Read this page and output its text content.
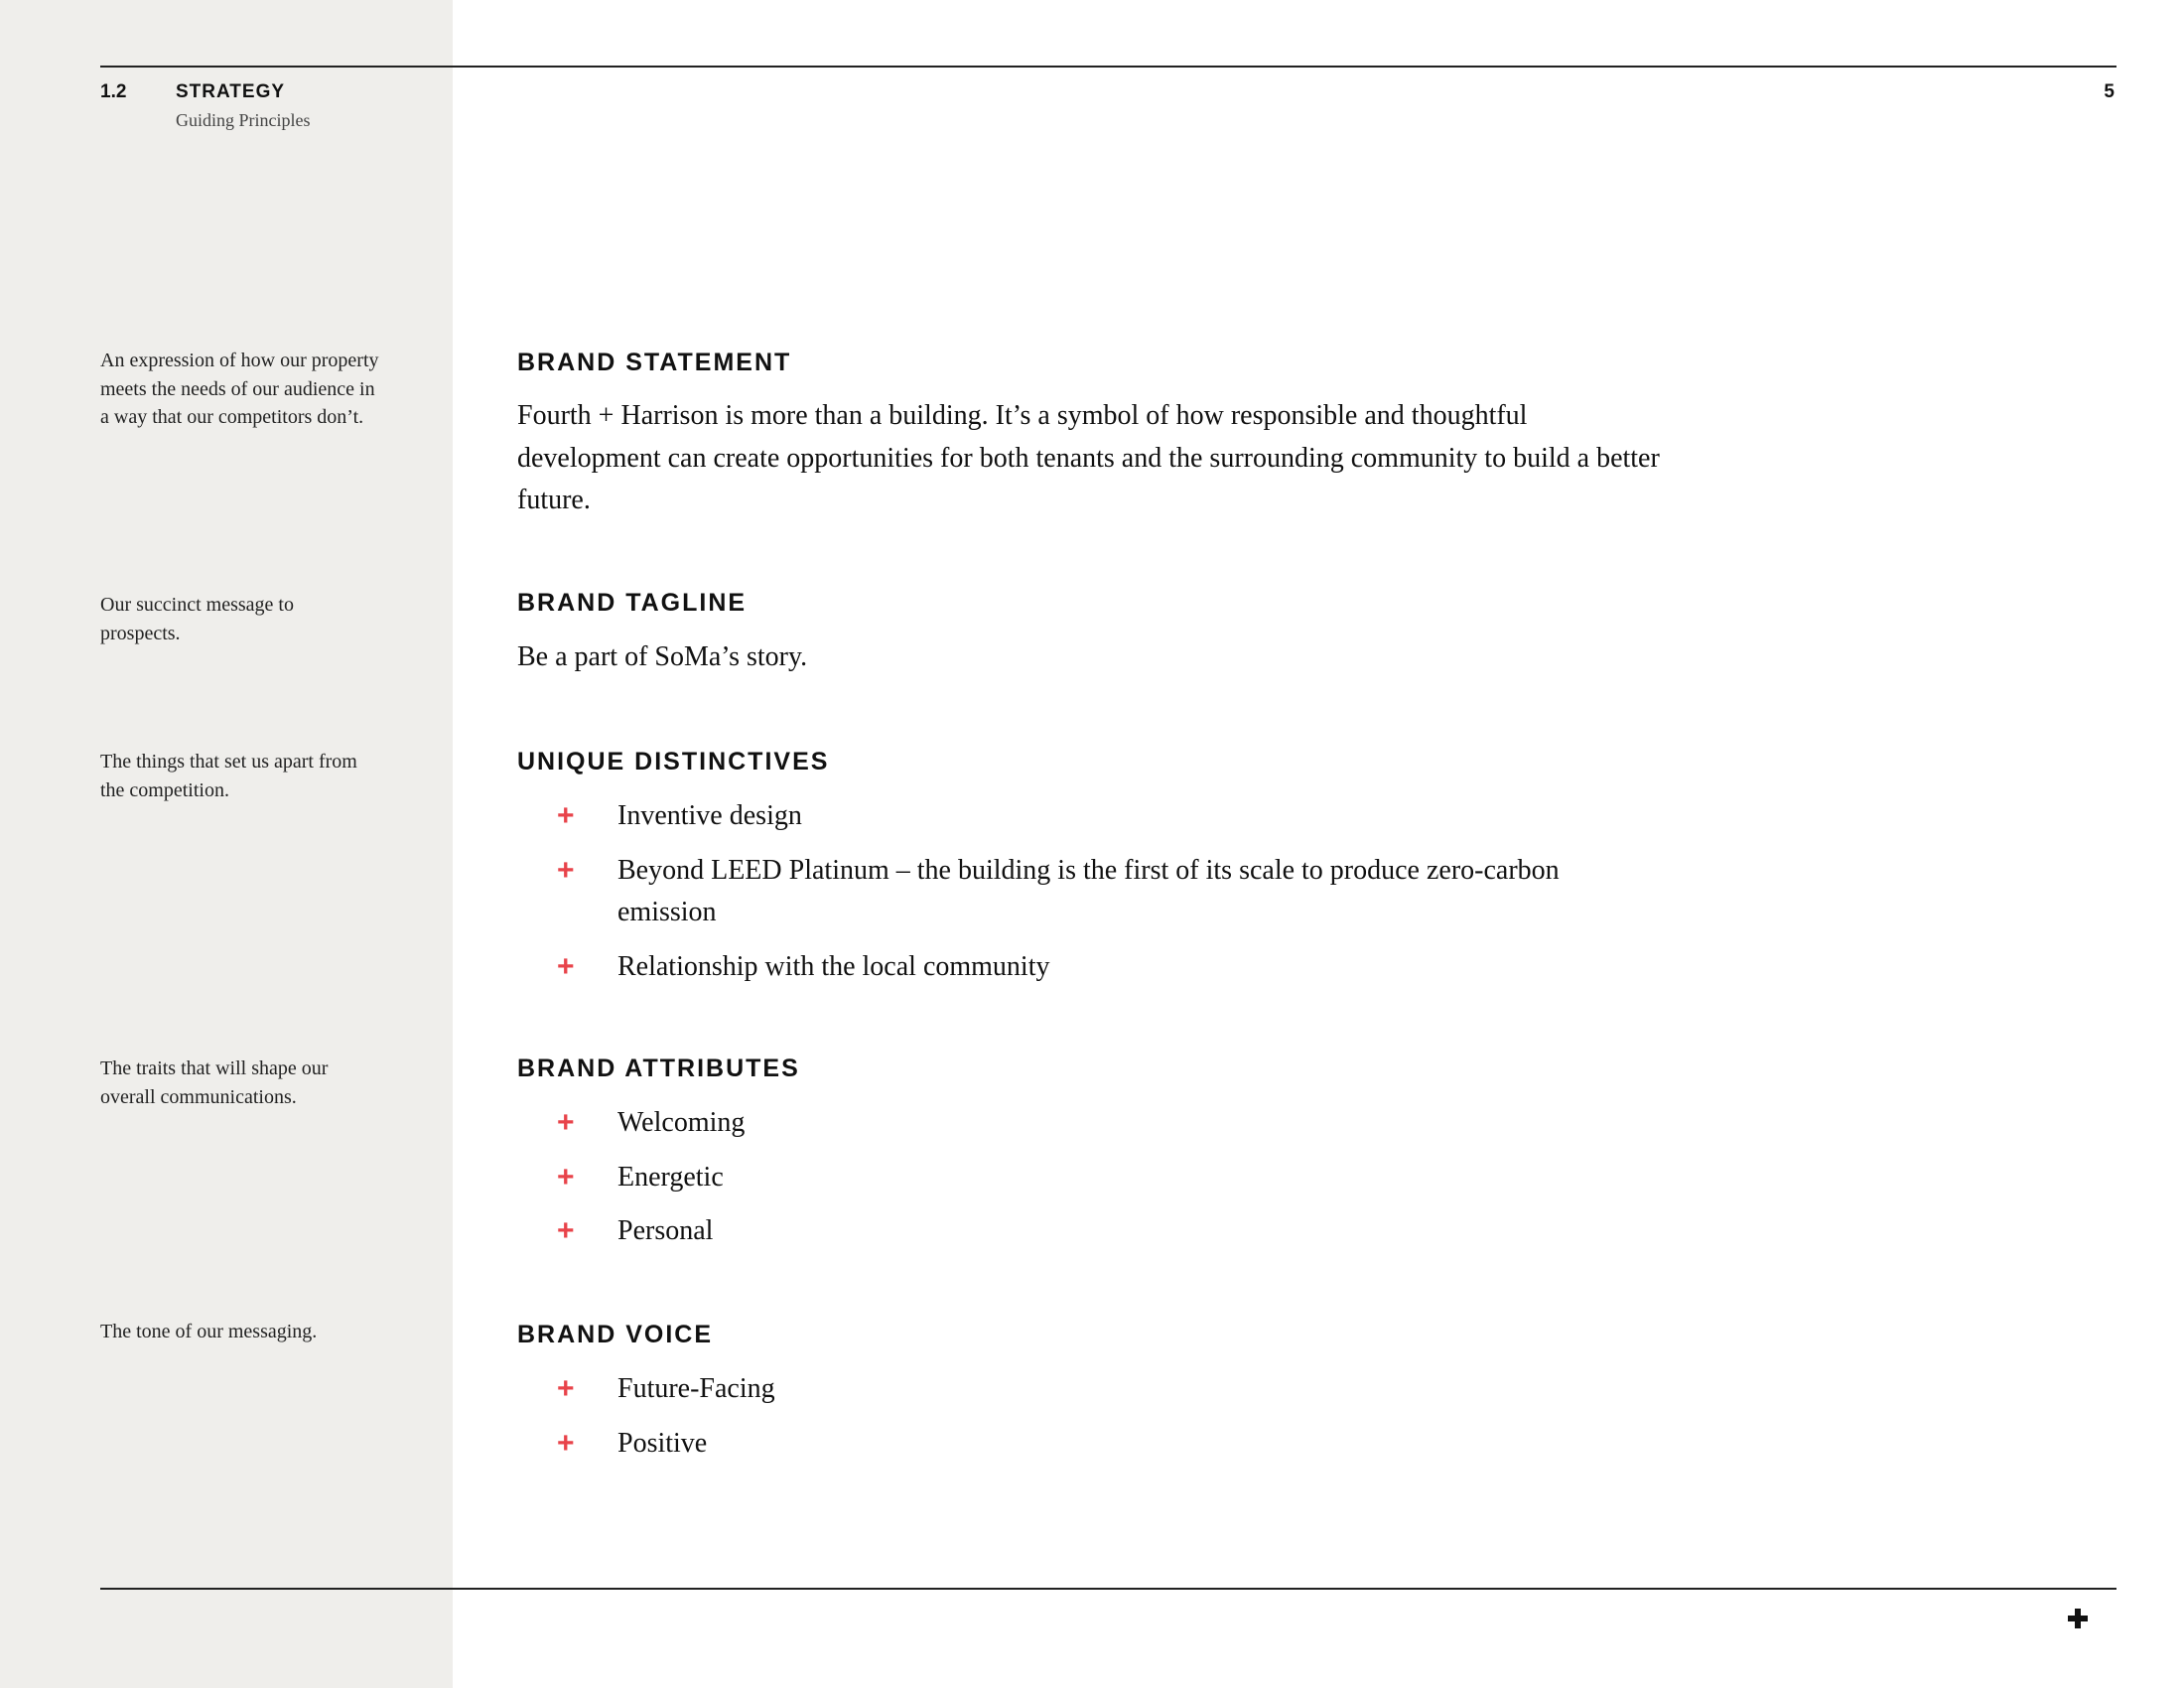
1.2	STRATEGY
Guiding Principles
5
An expression of how our property meets the needs of our audience in a way that our competitors don’t.
Our succinct message to prospects.
The things that set us apart from the competition.
The traits that will shape our overall communications.
The tone of our messaging.
BRAND STATEMENT
Fourth + Harrison is more than a building. It’s a symbol of how responsible and thoughtful development can create opportunities for both tenants and the surrounding community to build a better future.
BRAND TAGLINE
Be a part of SoMa’s story.
UNIQUE DISTINCTIVES
+ Inventive design
+ Beyond LEED Platinum – the building is the first of its scale to produce zero-carbon emission
+ Relationship with the local community
BRAND ATTRIBUTES
+ Welcoming
+ Energetic
+ Personal
BRAND VOICE
+ Future-Facing
+ Positive
